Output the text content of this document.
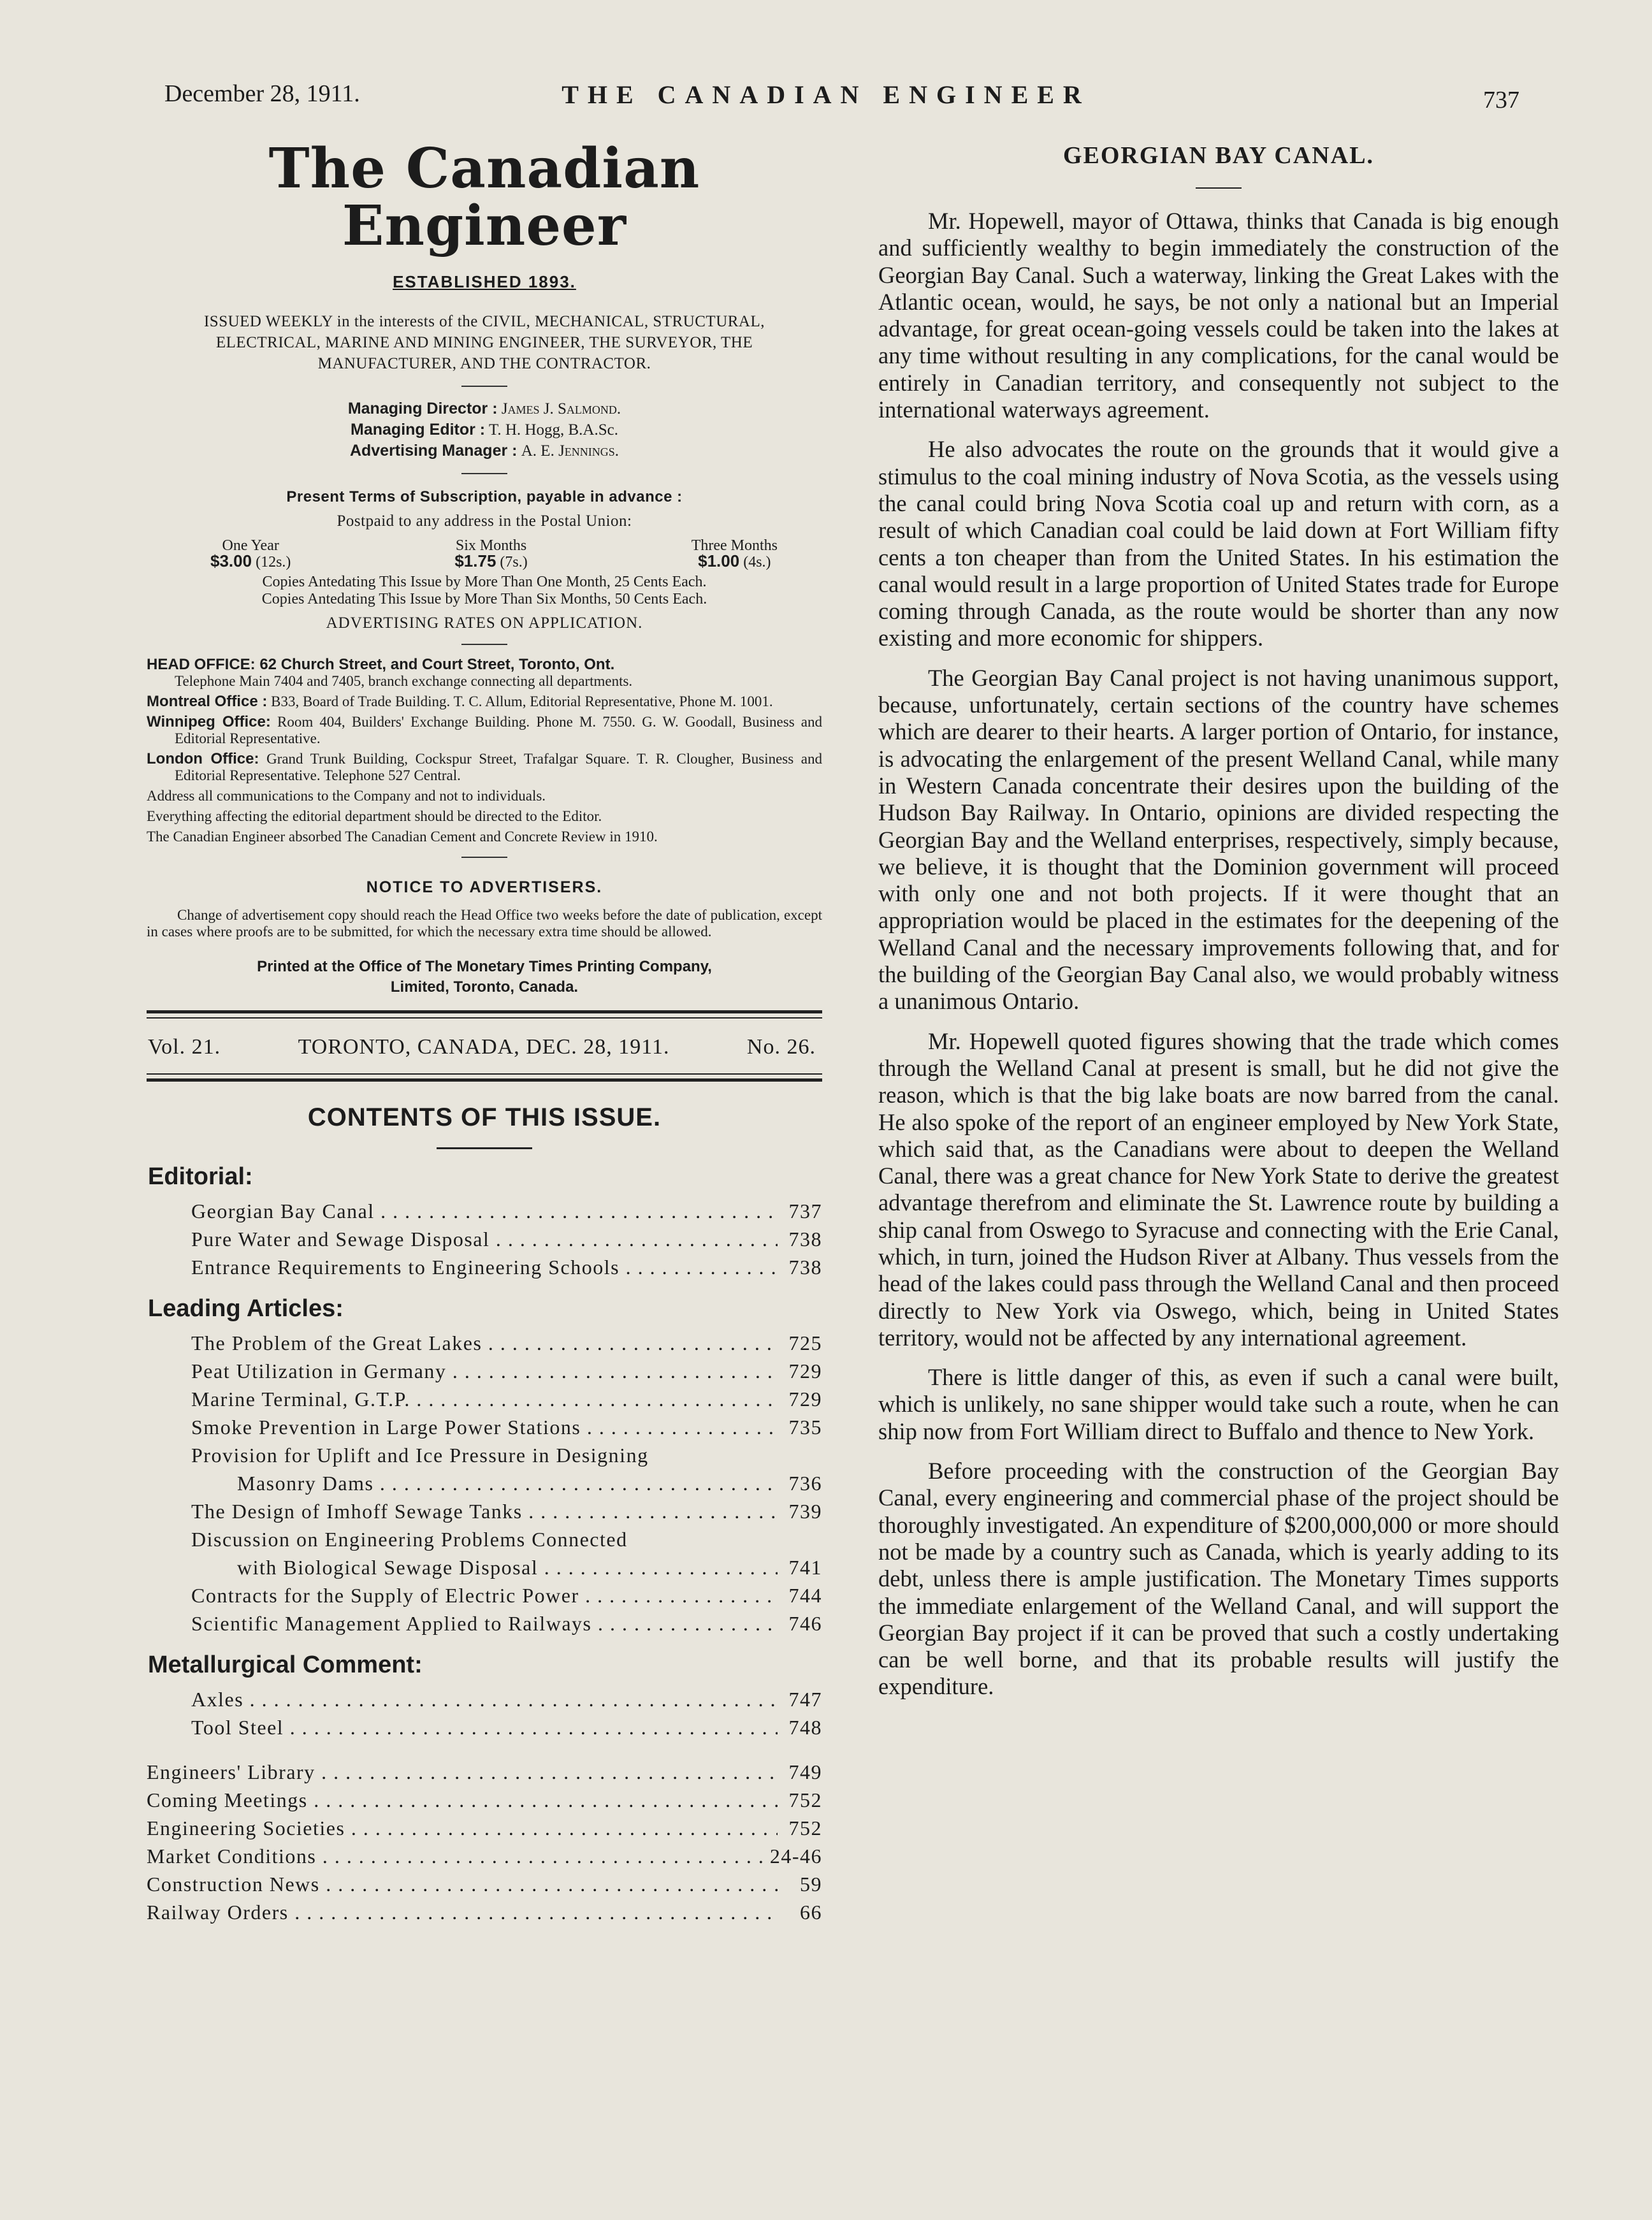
December 28, 1911.	THE CANADIAN ENGINEER	737
The Canadian Engineer
ESTABLISHED 1893.
ISSUED WEEKLY in the interests of the CIVIL, MECHANICAL, STRUCTURAL, ELECTRICAL, MARINE AND MINING ENGINEER, THE SURVEYOR, THE MANUFACTURER, AND THE CONTRACTOR.
Managing Director : James J. Salmond.
Managing Editor : T. H. Hogg, B.A.Sc.
Advertising Manager : A. E. Jennings.
Present Terms of Subscription, payable in advance :
Postpaid to any address in the Postal Union:
One Year
$3.00 (12s.)
Six Months
$1.75 (7s.)
Three Months
$1.00 (4s.)
Copies Antedating This Issue by More Than One Month, 25 Cents Each.
Copies Antedating This Issue by More Than Six Months, 50 Cents Each.
ADVERTISING RATES ON APPLICATION.

HEAD OFFICE: 62 Church Street, and Court Street, Toronto, Ont.
Telephone Main 7404 and 7405, branch exchange connecting all departments.

Montreal Office : B33, Board of Trade Building. T. C. Allum, Editorial Representative, Phone M. 1001.

Winnipeg Office: Room 404, Builders' Exchange Building. Phone M. 7550. G. W. Goodall, Business and Editorial Representative.

London Office: Grand Trunk Building, Cockspur Street, Trafalgar Square. T. R. Clougher, Business and Editorial Representative. Telephone 527 Central.

Address all communications to the Company and not to individuals.

Everything affecting the editorial department should be directed to the Editor.

The Canadian Engineer absorbed The Canadian Cement and Concrete Review in 1910.

NOTICE TO ADVERTISERS.

Change of advertisement copy should reach the Head Office two weeks before the date of publication, except in cases where proofs are to be submitted, for which the necessary extra time should be allowed.

Printed at the Office of The Monetary Times Printing Company,
Limited, Toronto, Canada.
Vol. 21.	TORONTO, CANADA, DEC. 28, 1911.	No. 26.
CONTENTS OF THIS ISSUE.
Editorial:
Georgian Bay Canal . . .	737
Pure Water and Sewage Disposal . . .	738
Entrance Requirements to Engineering Schools . . .	738
Leading Articles:
The Problem of the Great Lakes . . .	725
Peat Utilization in Germany . . .	729
Marine Terminal, G.T.P. . . .	729
Smoke Prevention in Large Power Stations . . .	735
Provision for Uplift and Ice Pressure in Designing
Masonry Dams . . .	736
The Design of Imhoff Sewage Tanks . . .	739
Discussion on Engineering Problems Connected
with Biological Sewage Disposal . . .	741
Contracts for the Supply of Electric Power . . .	744
Scientific Management Applied to Railways . . .	746
Metallurgical Comment:
Axles . . .	747
Tool Steel . . .	748
Engineers' Library . . .	749
Coming Meetings . . .	752
Engineering Societies . . .	752
Market Conditions . . .	24-46
Construction News . . .	59
Railway Orders . . .	66
GEORGIAN BAY CANAL.

Mr. Hopewell, mayor of Ottawa, thinks that Canada is big enough and sufficiently wealthy to begin immediately the construction of the Georgian Bay Canal. Such a waterway, linking the Great Lakes with the Atlantic ocean, would, he says, be not only a national but an Imperial advantage, for great ocean-going vessels could be taken into the lakes at any time without resulting in any complications, for the canal would be entirely in Canadian territory, and consequently not subject to the international waterways agreement.

He also advocates the route on the grounds that it would give a stimulus to the coal mining industry of Nova Scotia, as the vessels using the canal could bring Nova Scotia coal up and return with corn, as a result of which Canadian coal could be laid down at Fort William fifty cents a ton cheaper than from the United States. In his estimation the canal would result in a large proportion of United States trade for Europe coming through Canada, as the route would be shorter than any now existing and more economic for shippers.

The Georgian Bay Canal project is not having unanimous support, because, unfortunately, certain sections of the country have schemes which are dearer to their hearts. A larger portion of Ontario, for instance, is advocating the enlargement of the present Welland Canal, while many in Western Canada concentrate their desires upon the building of the Hudson Bay Railway. In Ontario, opinions are divided respecting the Georgian Bay and the Welland enterprises, respectively, simply because, we believe, it is thought that the Dominion government will proceed with only one and not both projects. If it were thought that an appropriation would be placed in the estimates for the deepening of the Welland Canal and the necessary improvements following that, and for the building of the Georgian Bay Canal also, we would probably witness a unanimous Ontario.

Mr. Hopewell quoted figures showing that the trade which comes through the Welland Canal at present is small, but he did not give the reason, which is that the big lake boats are now barred from the canal. He also spoke of the report of an engineer employed by New York State, which said that, as the Canadians were about to deepen the Welland Canal, there was a great chance for New York State to derive the greatest advantage therefrom and eliminate the St. Lawrence route by building a ship canal from Oswego to Syracuse and connecting with the Erie Canal, which, in turn, joined the Hudson River at Albany. Thus vessels from the head of the lakes could pass through the Welland Canal and then proceed directly to New York via Oswego, which, being in United States territory, would not be affected by any international agreement.

There is little danger of this, as even if such a canal were built, which is unlikely, no sane shipper would take such a route, when he can ship now from Fort William direct to Buffalo and thence to New York.

Before proceeding with the construction of the Georgian Bay Canal, every engineering and commercial phase of the project should be thoroughly investigated. An expenditure of $200,000,000 or more should not be made by a country such as Canada, which is yearly adding to its debt, unless there is ample justification. The Monetary Times supports the immediate enlargement of the Welland Canal, and will support the Georgian Bay project if it can be proved that such a costly undertaking can be well borne, and that its probable results will justify the expenditure.
